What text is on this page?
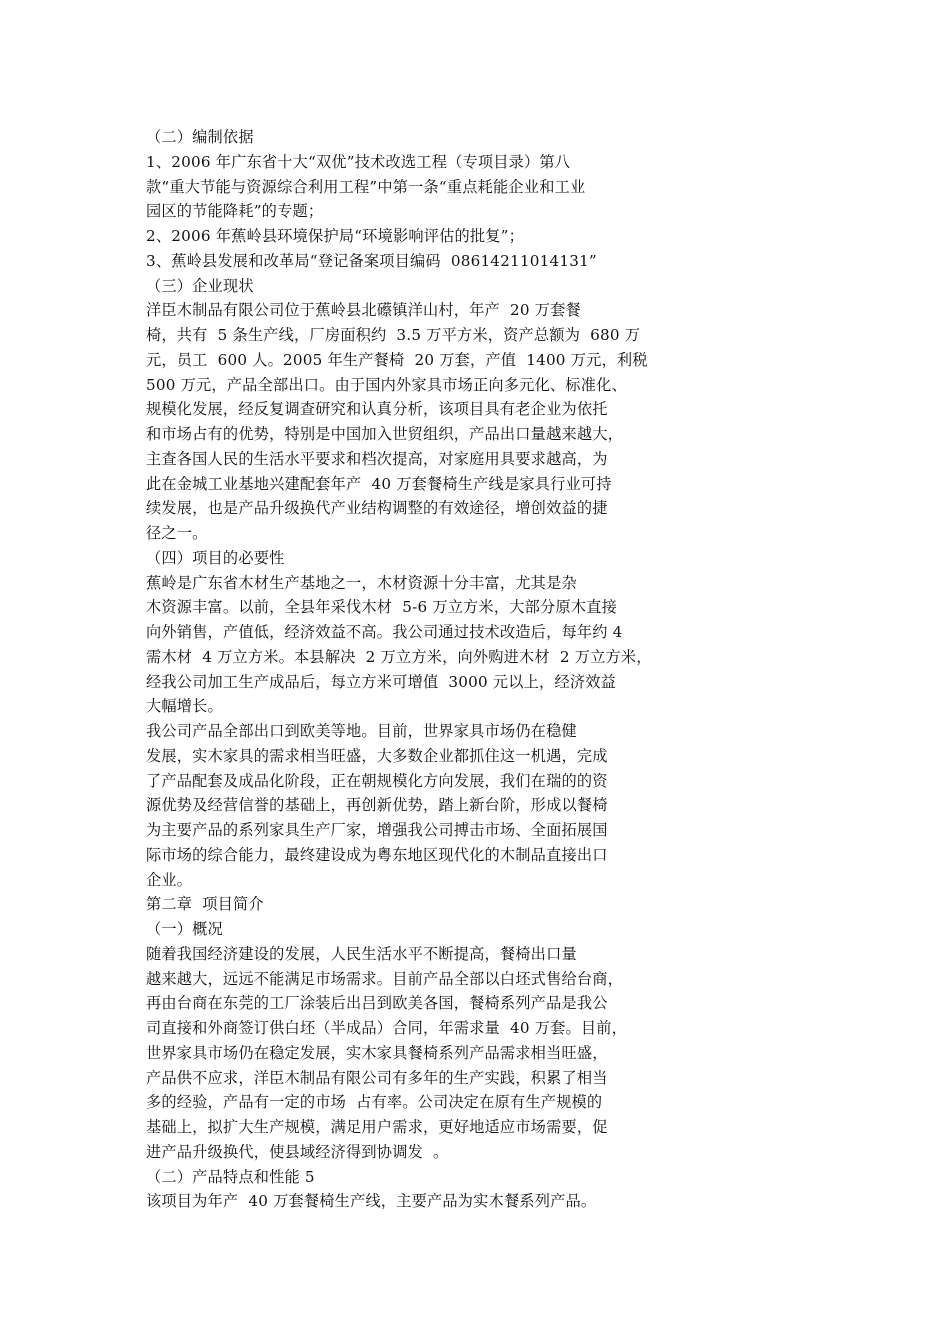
（二）编制依据
1、2006 年广东省十大“双优”技术改选工程（专项目录）第八
款“重大节能与资源综合利用工程”中第一条“重点耗能企业和工业
园区的节能降耗”的专题；
2、2006 年蕉岭县环境保护局“环境影响评估的批复”；
3、蕉岭县发展和改革局“登记备案项目编码  08614211014131”
（三）企业现状
洋臣木制品有限公司位于蕉岭县北礤镇洋山村，年产  20 万套餐
椅，共有  5 条生产线，厂房面积约  3.5 万平方米，资产总额为  680 万
元，员工  600 人。2005 年生产餐椅  20 万套，产值  1400 万元，利税
500 万元，产品全部出口。由于国内外家具市场正向多元化、标准化、
规模化发展，经反复调查研究和认真分析，该项目具有老企业为依托
和市场占有的优势，特别是中国加入世贸组织，产品出口量越来越大，
主查各国人民的生活水平要求和档次提高，对家庭用具要求越高，为
此在金城工业基地兴建配套年产  40 万套餐椅生产线是家具行业可持
续发展，也是产品升级换代产业结构调整的有效途径，增创效益的捷
径之一。
（四）项目的必要性
蕉岭是广东省木材生产基地之一，木材资源十分丰富，尤其是杂
木资源丰富。以前，全县年采伐木材  5-6 万立方米，大部分原木直接
向外销售，产值低，经济效益不高。我公司通过技术改造后，每年约 4
需木材  4 万立方米。本县解决  2 万立方米，向外购进木材  2 万立方米，
经我公司加工生产成品后，每立方米可增值  3000 元以上，经济效益
大幅增长。
我公司产品全部出口到欧美等地。目前，世界家具市场仍在稳健
发展，实木家具的需求相当旺盛，大多数企业都抓住这一机遇，完成
了产品配套及成品化阶段，正在朝规模化方向发展，我们在瑞的的资
源优势及经营信誉的基础上，再创新优势，踏上新台阶，形成以餐椅
为主要产品的系列家具生产厂家，增强我公司搏击市场、全面拓展国
际市场的综合能力，最终建设成为粤东地区现代化的木制品直接出口
企业。
第二章  项目简介
（一）概况
随着我国经济建设的发展，人民生活水平不断提高，餐椅出口量
越来越大，远远不能满足市场需求。目前产品全部以白坯式售给台商，
再由台商在东莞的工厂涂装后出吕到欧美各国，餐椅系列产品是我公
司直接和外商签订供白坯（半成品）合同，年需求量  40 万套。目前，
世界家具市场仍在稳定发展，实木家具餐椅系列产品需求相当旺盛，
产品供不应求，洋臣木制品有限公司有多年的生产实践，积累了相当
多的经验，产品有一定的市场  占有率。公司决定在原有生产规模的
基础上，拟扩大生产规模，满足用户需求，更好地适应市场需要，促
进产品升级换代，使县域经济得到协调发  。
（二）产品特点和性能 5
该项目为年产  40 万套餐椅生产线，主要产品为实木餐系列产品。
